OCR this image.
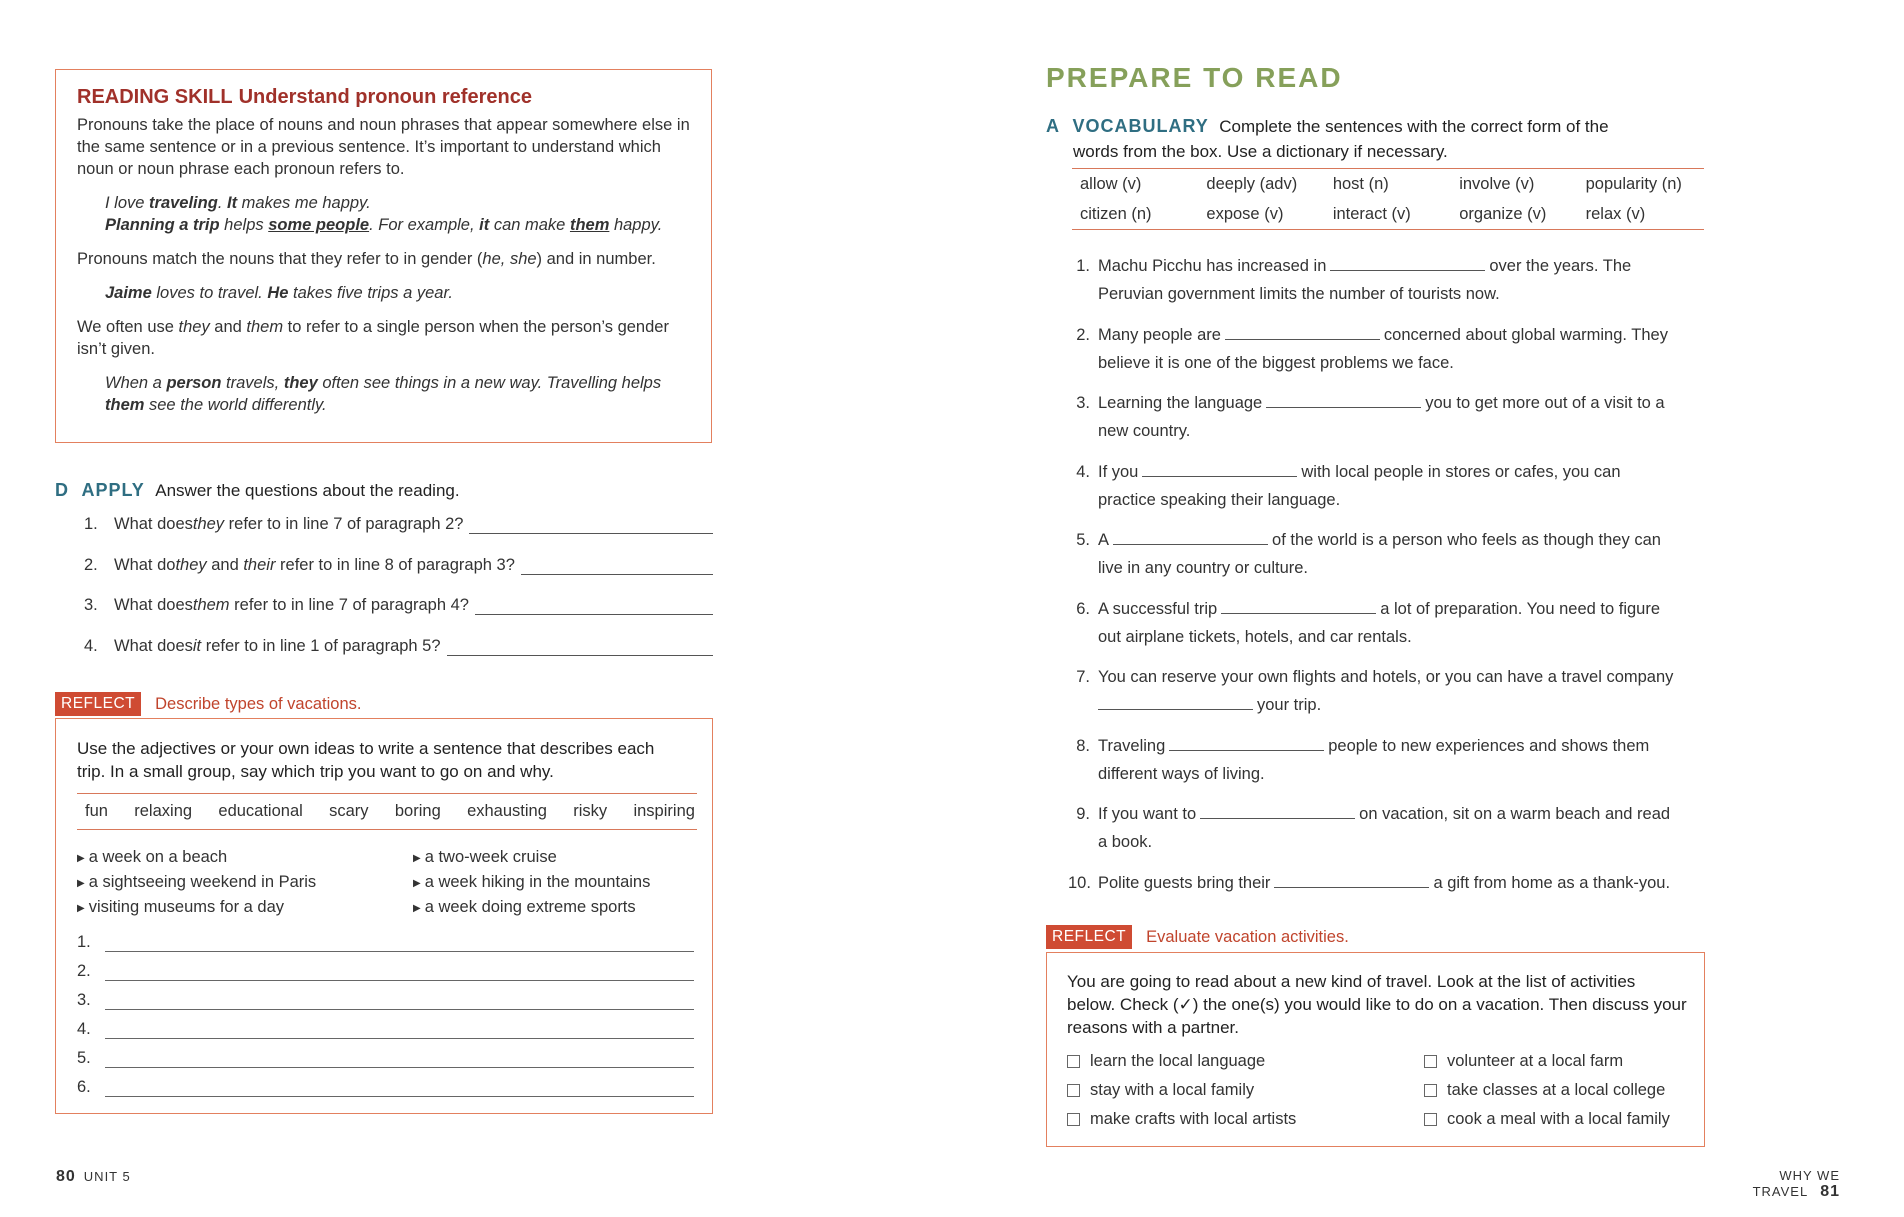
READING SKILL Understand pronoun reference

Pronouns take the place of nouns and noun phrases that appear somewhere else in the same sentence or in a previous sentence. It’s important to understand which noun or noun phrase each pronoun refers to.

I love traveling. It makes me happy.
Planning a trip helps some people. For example, it can make them happy.

Pronouns match the nouns that they refer to in gender (he, she) and in number.

Jaime loves to travel. He takes five trips a year.

We often use they and them to refer to a single person when the person’s gender isn’t given.

When a person travels, they often see things in a new way. Travelling helps them see the world differently.
D APPLY Answer the questions about the reading.
1. What does they
refer to in line 7 of paragraph 2?
2. What do they and their
refer to in line 8 of paragraph 3?
3. What does them
refer to in line 7 of paragraph 4?
4. What does it
refer to in line 1 of paragraph 5?
REFLECT	Describe types of vacations.
Use the adjectives or your own ideas to write a sentence that describes each trip. In a small group, say which trip you want to go on and why.
fun relaxing educational scary boring exhausting risky inspiring
▶ a week on a beach
▶ a sightseeing weekend in Paris
▶ visiting museums for a day
▶ a two-week cruise
▶ a week hiking in the mountains
▶ a week doing extreme sports
1.
2.
3.
4.
5.
6.
80 UNIT 5
PREPARE TO READ
A VOCABULARY Complete the sentences with the correct form of the
words from the box. Use a dictionary if necessary.
allow (v)	deeply (adv)	host (n)	involve (v)	popularity (n)
citizen (n)	expose (v)	interact (v)	organize (v)	relax (v)
1. Machu Picchu has increased in	over the years. The
Peruvian government limits the number of tourists now.
2. Many people are	concerned about global warming. They
believe it is one of the biggest problems we face.
3. Learning the language	you to get more out of a visit to a
new country.
4. If you	with local people in stores or cafes, you can
practice speaking their language.
5. A	of the world is a person who feels as though they can
live in any country or culture.
6. A successful trip	a lot of preparation. You need to figure
out airplane tickets, hotels, and car rentals.
7. You can reserve your own flights and hotels, or you can have a travel company
your trip.
8. Traveling	people to new experiences and shows them
different ways of living.
9. If you want to	on vacation, sit on a warm beach and read
a book.
10. Polite guests bring their	a gift from home as a thank-you.
REFLECT	Evaluate vacation activities.
You are going to read about a new kind of travel. Look at the list of activities below. Check (✓) the one(s) you would like to do on a vacation. Then discuss your reasons with a partner.
learn the local language
stay with a local family
make crafts with local artists
volunteer at a local farm
take classes at a local college
cook a meal with a local family
WHY WE TRAVEL 81
